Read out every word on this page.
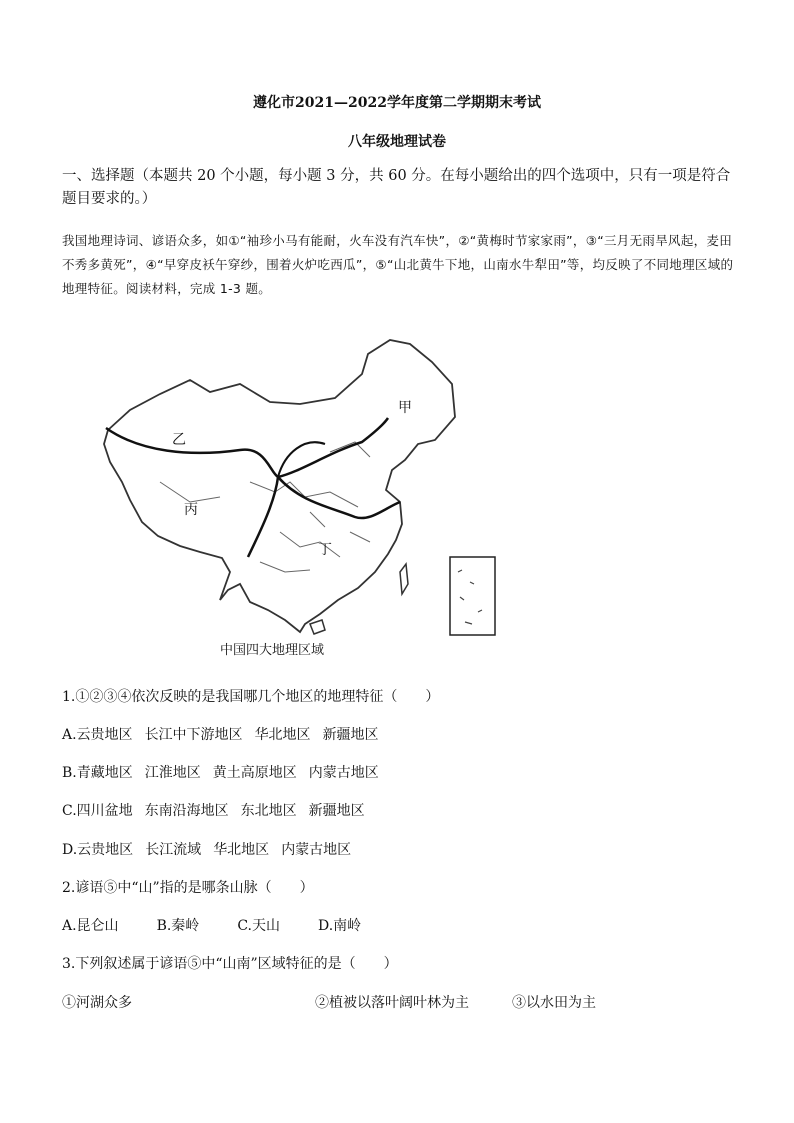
遵化市2021—2022学年度第二学期期末考试
八年级地理试卷
一、选择题（本题共 20 个小题，每小题 3 分，共 60 分。在每小题给出的四个选项中，只有一项是符合题目要求的。）
我国地理诗词、谚语众多，如①“袖珍小马有能耐，火车没有汽车快”，②“黄梅时节家家雨”，③“三月无雨旱风起，麦田不秀多黄死”，④“早穿皮袄午穿纱，围着火炉吃西瓜”，⑤“山北黄牛下地，山南水牛犁田”等，均反映了不同地理区域的地理特征。阅读材料，完成 1-3 题。
甲
乙
丙
丁
中国四大地理区域
1.①②③④依次反映的是我国哪几个地区的地理特征（　　）
A.云贵地区 长江中下游地区 华北地区 新疆地区
B.青藏地区 江淮地区 黄土高原地区 内蒙古地区
C.四川盆地 东南沿海地区 东北地区 新疆地区
D.云贵地区 长江流域 华北地区 内蒙古地区
2.谚语⑤中“山”指的是哪条山脉（　　）
A.昆仑山	B.秦岭	C.天山	D.南岭
3.下列叙述属于谚语⑤中“山南”区域特征的是（　　）
①河湖众多	②植被以落叶阔叶林为主	③以水田为主
